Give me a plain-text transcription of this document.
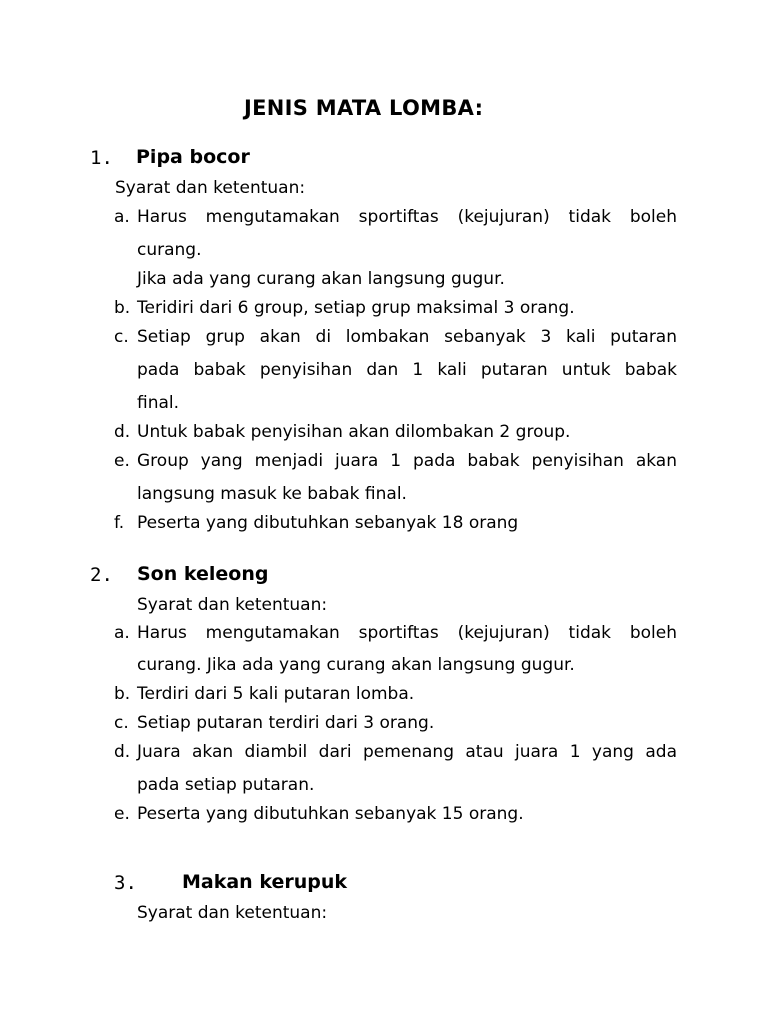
JENIS MATA LOMBA:
1. Pipa bocor
Syarat dan ketentuan:
a. Harus mengutamakan sportiftas (kejujuran) tidak boleh
curang.
Jika ada yang curang akan langsung gugur.
b. Teridiri dari 6 group, setiap grup maksimal 3 orang.
c. Setiap grup akan di lombakan sebanyak 3 kali putaran
pada babak penyisihan dan 1 kali putaran untuk babak
final.
d. Untuk babak penyisihan akan dilombakan 2 group.
e. Group yang menjadi juara 1 pada babak penyisihan akan
langsung masuk ke babak final.
f. Peserta yang dibutuhkan sebanyak 18 orang
2. Son keleong
Syarat dan ketentuan:
a. Harus mengutamakan sportiftas (kejujuran) tidak boleh
curang. Jika ada yang curang akan langsung gugur.
b. Terdiri dari 5 kali putaran lomba.
c. Setiap putaran terdiri dari 3 orang.
d. Juara akan diambil dari pemenang atau juara 1 yang ada
pada setiap putaran.
e. Peserta yang dibutuhkan sebanyak 15 orang.
3. Makan kerupuk
Syarat dan ketentuan:
